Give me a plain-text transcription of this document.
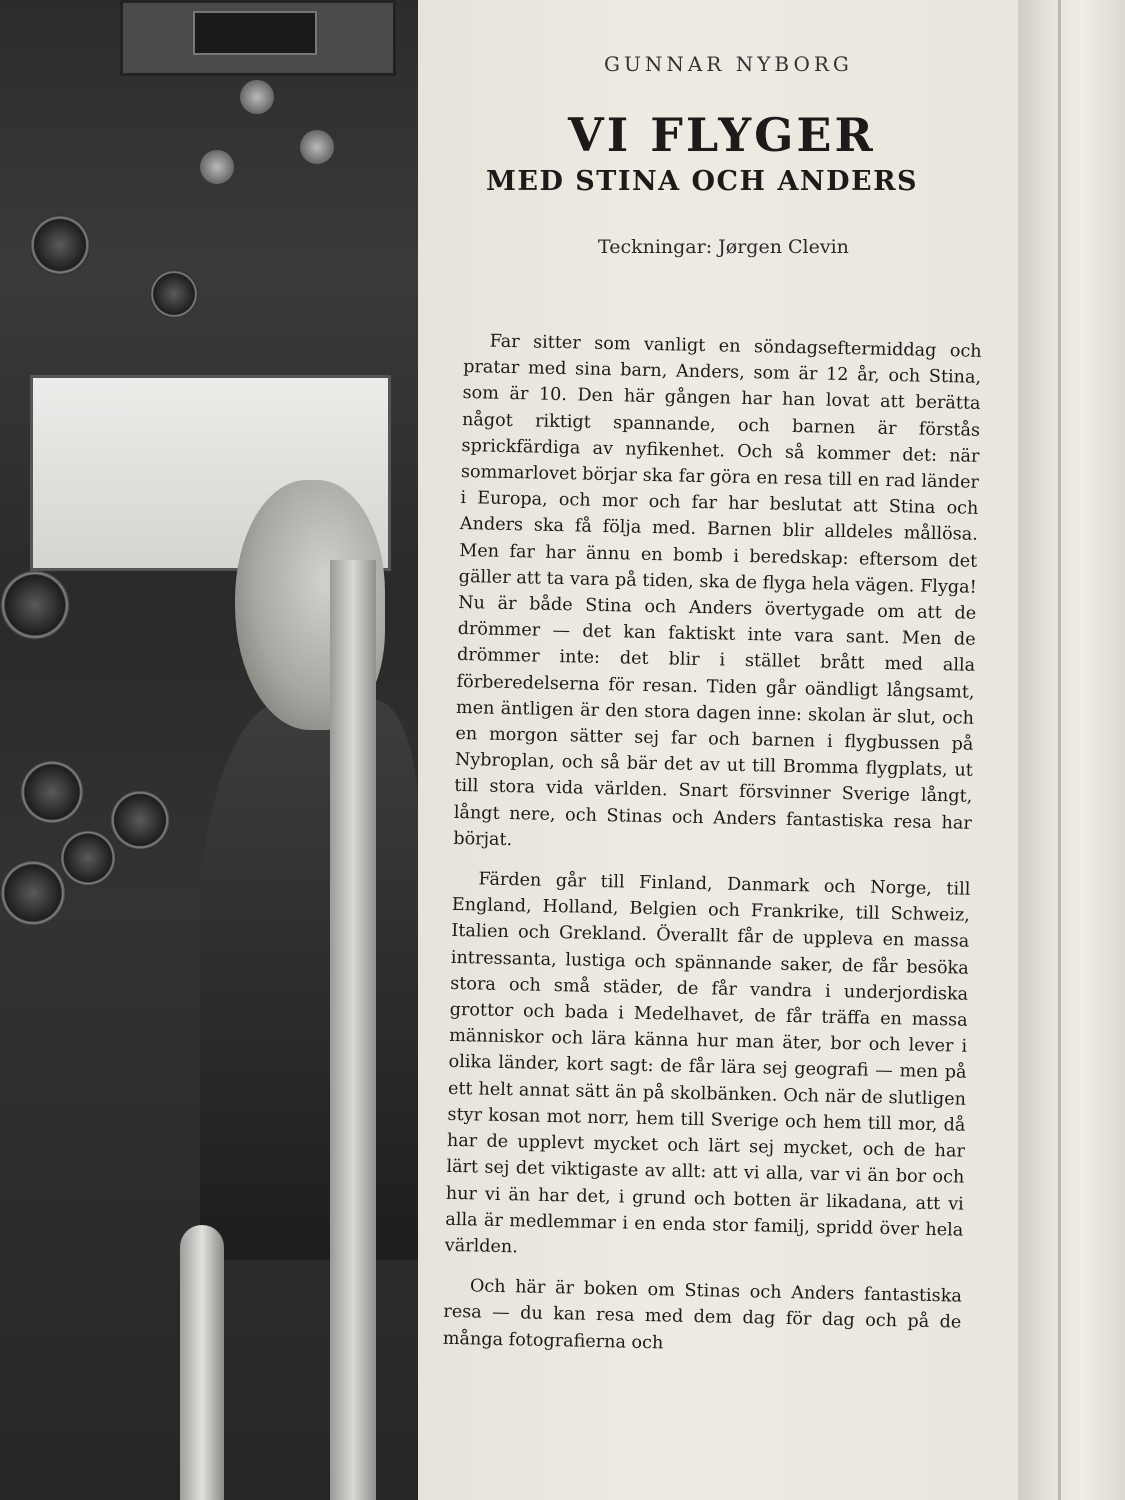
GUNNAR NYBORG
VI FLYGER
MED STINA OCH ANDERS
Teckningar: Jørgen Clevin

Far sitter som vanligt en söndagseftermiddag och pratar med sina barn, Anders, som är 12 år, och Stina, som är 10. Den här gången har han lovat att berätta något riktigt spannande, och barnen är förstås sprickfärdiga av nyfikenhet. Och så kommer det: när sommarlovet börjar ska far göra en resa till en rad länder i Europa, och mor och far har beslutat att Stina och Anders ska få följa med. Barnen blir alldeles mållösa. Men far har ännu en bomb i beredskap: eftersom det gäller att ta vara på tiden, ska de flyga hela vägen. Flyga! Nu är både Stina och Anders övertygade om att de drömmer — det kan faktiskt inte vara sant. Men de drömmer inte: det blir i stället brått med alla förberedelserna för resan. Tiden går oändligt långsamt, men äntligen är den stora dagen inne: skolan är slut, och en morgon sätter sej far och barnen i flygbussen på Nybroplan, och så bär det av ut till Bromma flygplats, ut till stora vida världen. Snart försvinner Sverige långt, långt nere, och Stinas och Anders fantastiska resa har börjat.

Färden går till Finland, Danmark och Norge, till England, Holland, Belgien och Frankrike, till Schweiz, Italien och Grekland. Överallt får de uppleva en massa intressanta, lustiga och spännande saker, de får besöka stora och små städer, de får vandra i underjordiska grottor och bada i Medelhavet, de får träffa en massa människor och lära känna hur man äter, bor och lever i olika länder, kort sagt: de får lära sej geografi — men på ett helt annat sätt än på skolbänken. Och när de slutligen styr kosan mot norr, hem till Sverige och hem till mor, då har de upplevt mycket och lärt sej mycket, och de har lärt sej det viktigaste av allt: att vi alla, var vi än bor och hur vi än har det, i grund och botten är likadana, att vi alla är medlemmar i en enda stor familj, spridd över hela världen.

Och här är boken om Stinas och Anders fantastiska resa — du kan resa med dem dag för dag och på de många fotografierna och
